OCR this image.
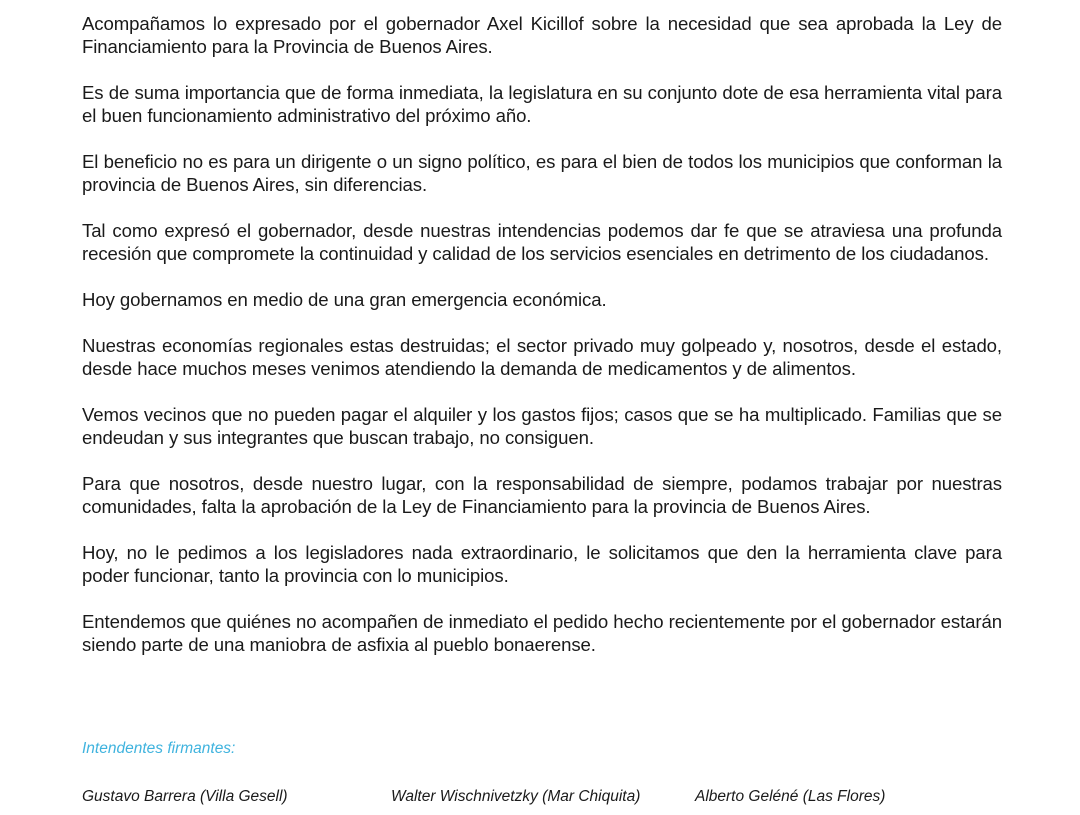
Acompañamos lo expresado por el gobernador Axel Kicillof sobre la necesidad que sea aprobada la Ley de Financiamiento para la Provincia de Buenos Aires.

Es de suma importancia que de forma inmediata, la legislatura en su conjunto dote de esa herramienta vital para el buen funcionamiento administrativo del próximo año.

El beneficio no es para un dirigente o un signo político, es para el bien de todos los municipios que conforman la provincia de Buenos Aires, sin diferencias.

Tal como expresó el gobernador, desde nuestras intendencias podemos dar fe que se atraviesa una profunda recesión que compromete la continuidad y calidad de los servicios esenciales en detrimento de los ciudadanos.

Hoy gobernamos en medio de una gran emergencia económica.

Nuestras economías regionales estas destruidas; el sector privado muy golpeado y, nosotros, desde el estado, desde hace muchos meses venimos atendiendo la demanda de medicamentos y de alimentos.

Vemos vecinos que no pueden pagar el alquiler y los gastos fijos; casos que se ha multiplicado. Familias que se endeudan y sus integrantes que buscan trabajo, no consiguen.

Para que nosotros, desde nuestro lugar, con la responsabilidad de siempre, podamos trabajar por nuestras comunidades, falta la aprobación de la Ley de Financiamiento para la provincia de Buenos Aires.

Hoy, no le pedimos a los legisladores nada extraordinario, le solicitamos que den la herramienta clave para poder funcionar, tanto la provincia con lo municipios.

Entendemos que quiénes no acompañen de inmediato el pedido hecho recientemente por el gobernador estarán siendo parte de una maniobra de asfixia al pueblo bonaerense.

Intendentes firmantes:

Gustavo Barrera (Villa Gesell)	Walter Wischnivetzky (Mar Chiquita)	Alberto Geléné (Las Flores)
